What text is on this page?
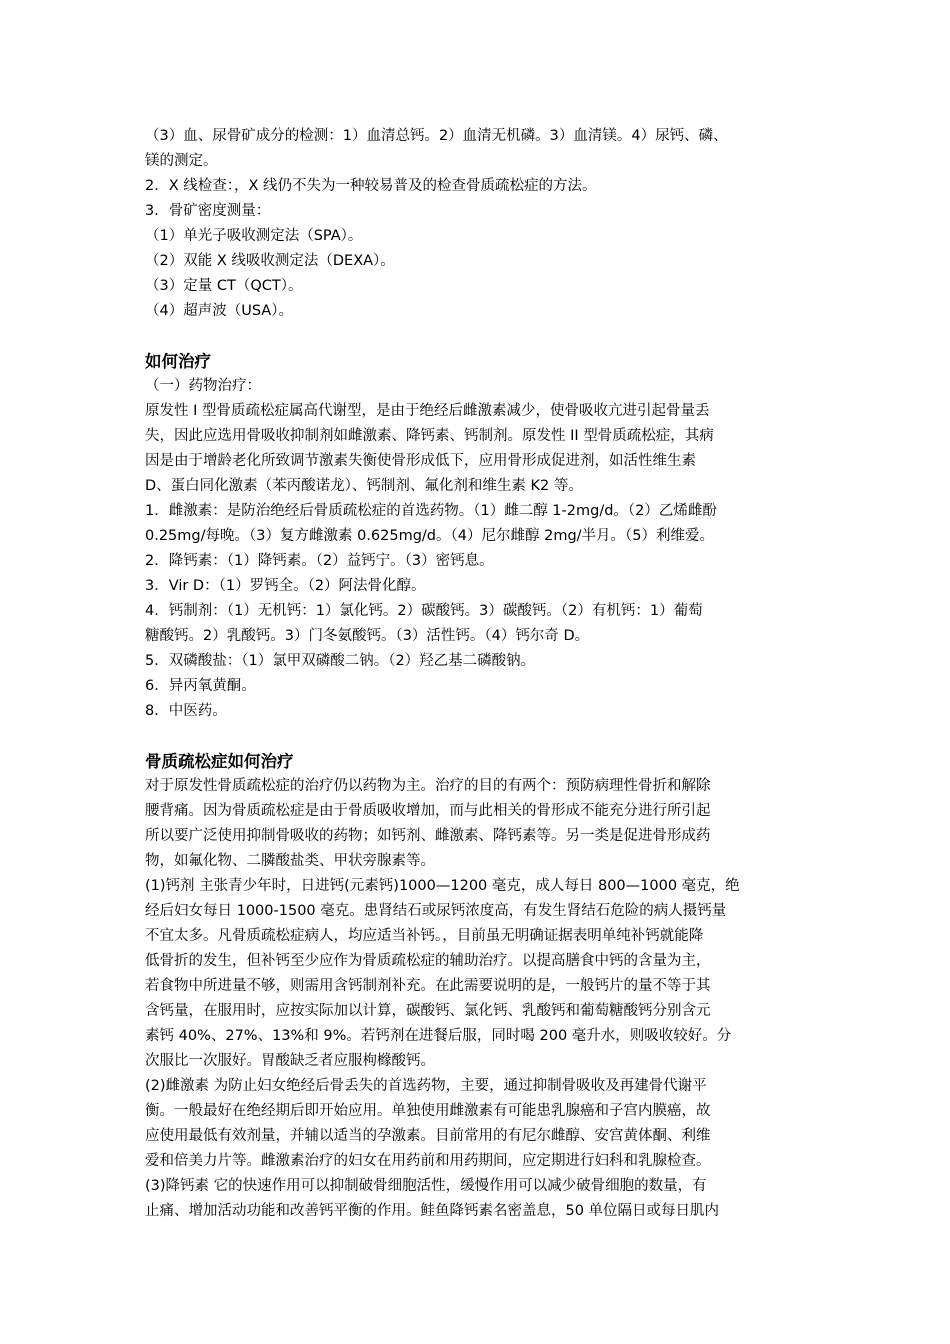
（3）血、尿骨矿成分的检测：1）血清总钙。2）血清无机磷。3）血清镁。4）尿钙、磷、

镁的测定。

2．X 线检查：，X 线仍不失为一种较易普及的检查骨质疏松症的方法。

3．骨矿密度测量：

（1）单光子吸收测定法（SPA）。

（2）双能 X 线吸收测定法（DEXA）。

（3）定量 CT（QCT）。

（4）超声波（USA）。

如何治疗

（一）药物治疗：

原发性 I 型骨质疏松症属高代谢型，是由于绝经后雌激素减少，使骨吸收亢进引起骨量丢

失，因此应选用骨吸收抑制剂如雌激素、降钙素、钙制剂。原发性 II 型骨质疏松症，其病

因是由于增龄老化所致调节激素失衡使骨形成低下，应用骨形成促进剂，如活性维生素

D、蛋白同化激素（苯丙酸诺龙）、钙制剂、氟化剂和维生素 K2 等。

1．雌激素：是防治绝经后骨质疏松症的首选药物。（1）雌二醇 1-2mg/d。（2）乙烯雌酚

0.25mg/每晚。（3）复方雌激素 0.625mg/d。（4）尼尔雌醇 2mg/半月。（5）利维爱。

2．降钙素：（1）降钙素。（2）益钙宁。（3）密钙息。

3．Vir D：（1）罗钙全。（2）阿法骨化醇。

4．钙制剂：（1）无机钙：1）氯化钙。2）碳酸钙。3）碳酸钙。（2）有机钙：1）葡萄

糖酸钙。2）乳酸钙。3）门冬氨酸钙。（3）活性钙。（4）钙尔奇 D。

5．双磷酸盐：（1）氯甲双磷酸二钠。（2）羟乙基二磷酸钠。

6．异丙氧黄酮。

8．中医药。

骨质疏松症如何治疗

对于原发性骨质疏松症的治疗仍以药物为主。治疗的目的有两个：预防病理性骨折和解除

腰背痛。因为骨质疏松症是由于骨质吸收增加，而与此相关的骨形成不能充分进行所引起

所以要广泛使用抑制骨吸收的药物；如钙剂、雌激素、降钙素等。另一类是促进骨形成药

物，如氟化物、二膦酸盐类、甲状旁腺素等。

(1)钙剂 主张青少年时，日进钙(元素钙)1000—1200 毫克，成人每日 800—1000 毫克，绝

经后妇女每日 1000-1500 毫克。患肾结石或尿钙浓度高，有发生肾结石危险的病人摄钙量

不宜太多。凡骨质疏松症病人，均应适当补钙。，目前虽无明确证据表明单纯补钙就能降

低骨折的发生，但补钙至少应作为骨质疏松症的辅助治疗。以提高膳食中钙的含量为主，

若食物中所进量不够，则需用含钙制剂补充。在此需要说明的是，一般钙片的量不等于其

含钙量，在服用时，应按实际加以计算，碳酸钙、氯化钙、乳酸钙和葡萄糖酸钙分别含元

素钙 40%、27%、13%和 9%。若钙剂在进餐后服，同时喝 200 毫升水，则吸收较好。分

次服比一次服好。胃酸缺乏者应服枸橼酸钙。

(2)雌激素 为防止妇女绝经后骨丢失的首选药物，主要，通过抑制骨吸收及再建骨代谢平

衡。一般最好在绝经期后即开始应用。单独使用雌激素有可能患乳腺癌和子宫内膜癌，故

应使用最低有效剂量，并辅以适当的孕激素。目前常用的有尼尔雌醇、安宫黄体酮、利维

爱和倍美力片等。雌激素治疗的妇女在用药前和用药期间，应定期进行妇科和乳腺检查。

(3)降钙素 它的快速作用可以抑制破骨细胞活性，缓慢作用可以减少破骨细胞的数量，有

止痛、增加活动功能和改善钙平衡的作用。鲑鱼降钙素名密盖息，50 单位隔日或每日肌内
